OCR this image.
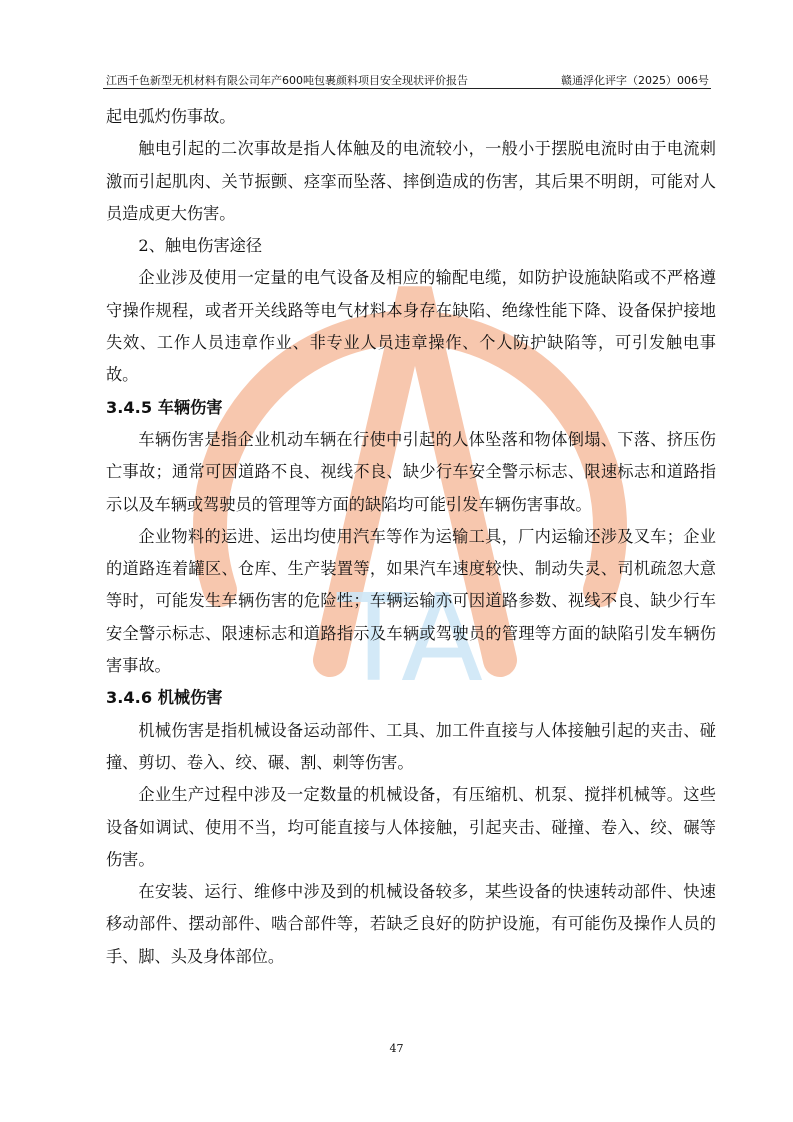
TA
江西千色新型无机材料有限公司年产600吨包裹颜料项目安全现状评价报告	赣通浮化评字（2025）006号

起电弧灼伤事故。

触电引起的二次事故是指人体触及的电流较小，一般小于摆脱电流时由于电流刺激而引起肌肉、关节振颤、痉挛而坠落、摔倒造成的伤害，其后果不明朗，可能对人员造成更大伤害。

2、触电伤害途径

企业涉及使用一定量的电气设备及相应的输配电缆，如防护设施缺陷或不严格遵守操作规程，或者开关线路等电气材料本身存在缺陷、绝缘性能下降、设备保护接地失效、工作人员违章作业、非专业人员违章操作、个人防护缺陷等，可引发触电事故。

3.4.5 车辆伤害

车辆伤害是指企业机动车辆在行使中引起的人体坠落和物体倒塌、下落、挤压伤亡事故；通常可因道路不良、视线不良、缺少行车安全警示标志、限速标志和道路指示以及车辆或驾驶员的管理等方面的缺陷均可能引发车辆伤害事故。

企业物料的运进、运出均使用汽车等作为运输工具，厂内运输还涉及叉车；企业的道路连着罐区、仓库、生产装置等，如果汽车速度较快、制动失灵、司机疏忽大意等时，可能发生车辆伤害的危险性；车辆运输亦可因道路参数、视线不良、缺少行车安全警示标志、限速标志和道路指示及车辆或驾驶员的管理等方面的缺陷引发车辆伤害事故。

3.4.6 机械伤害

机械伤害是指机械设备运动部件、工具、加工件直接与人体接触引起的夹击、碰撞、剪切、卷入、绞、碾、割、刺等伤害。

企业生产过程中涉及一定数量的机械设备，有压缩机、机泵、搅拌机械等。这些设备如调试、使用不当，均可能直接与人体接触，引起夹击、碰撞、卷入、绞、碾等伤害。

在安装、运行、维修中涉及到的机械设备较多，某些设备的快速转动部件、快速移动部件、摆动部件、啮合部件等，若缺乏良好的防护设施，有可能伤及操作人员的手、脚、头及身体部位。

47
